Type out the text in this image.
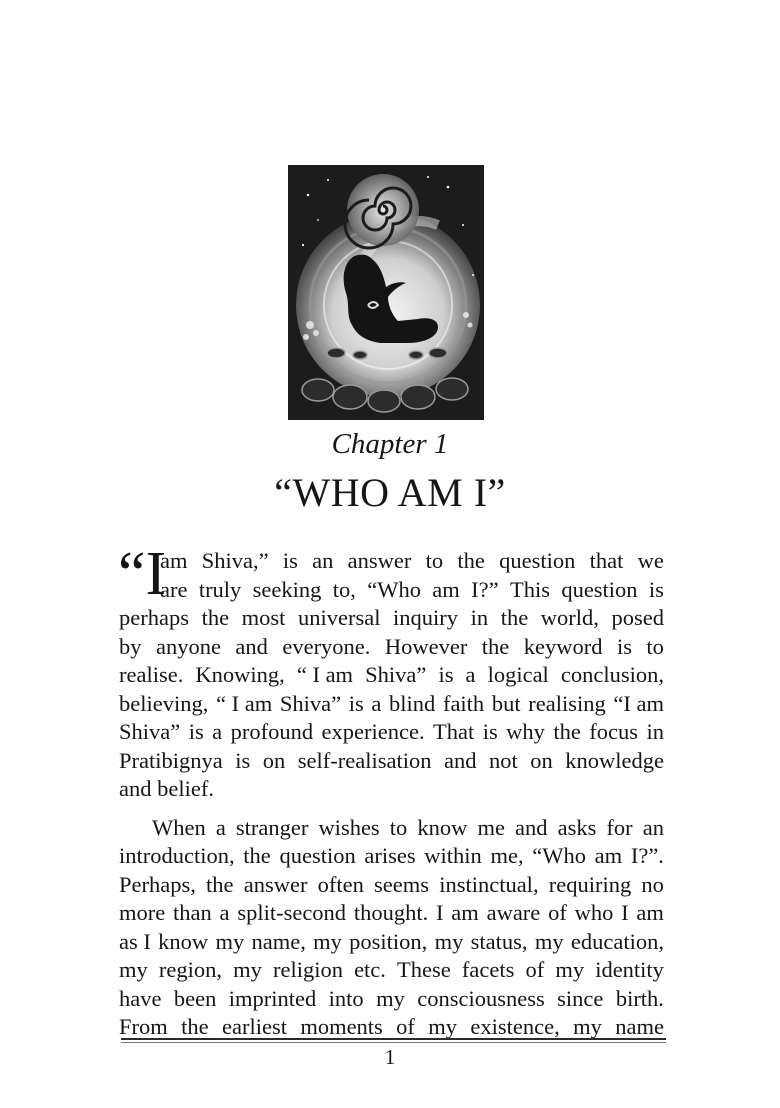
Chapter 1
“WHO AM I”
“I
am Shiva,” is an answer to the question that we
are truly seeking to, “Who am I?” This question is
perhaps the most universal inquiry in the world, posed
by anyone and everyone. However the keyword is to
realise. Knowing, “ I am Shiva” is a logical conclusion,
believing, “ I am Shiva” is a blind faith but realising “I am
Shiva” is a profound experience. That is why the focus in
Pratibignya is on self-realisation and not on knowledge
and belief.
When a stranger wishes to know me and asks for an
introduction, the question arises within me, “Who am I?”.
Perhaps, the answer often seems instinctual, requiring no
more than a split-second thought. I am aware of who I am
as I know my name, my position, my status, my education,
my region, my religion etc. These facets of my identity
have been imprinted into my consciousness since birth.
From the earliest moments of my existence, my name
1
